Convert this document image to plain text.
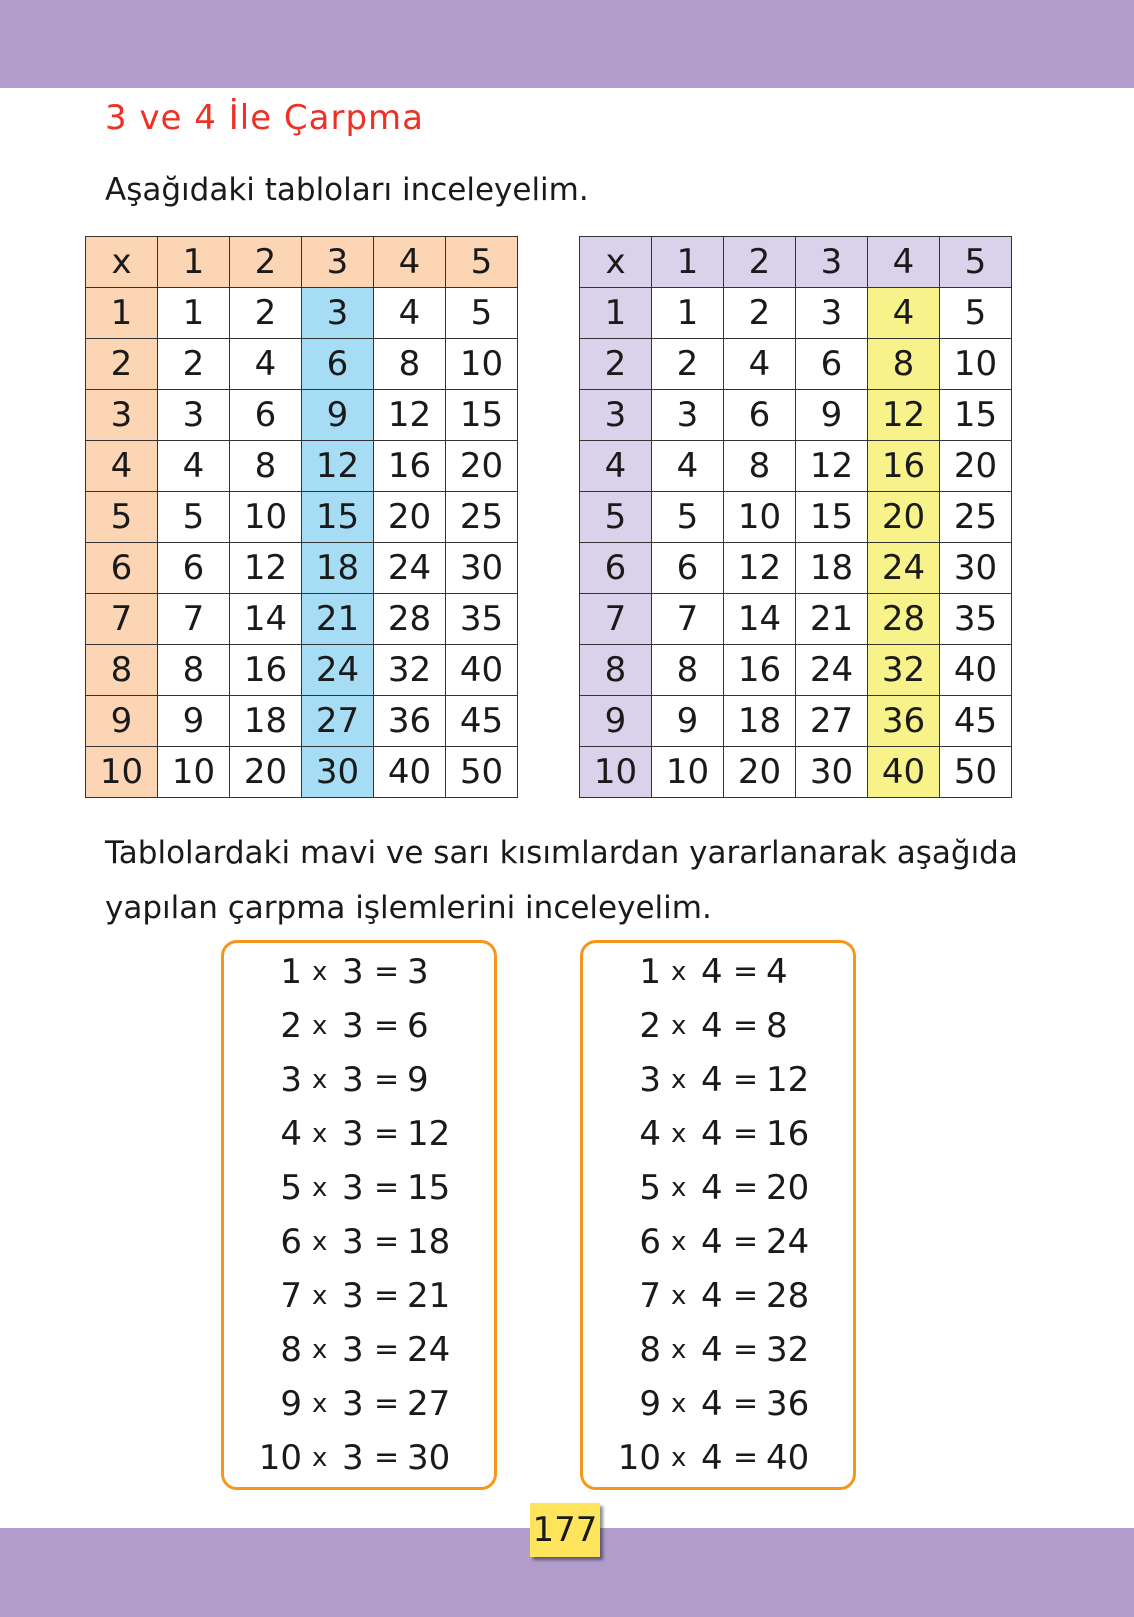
3 ve 4 İle Çarpma
Aşağıdaki tabloları inceleyelim.
x	1	2	3	4	5
1	1	2	3	4	5
2	2	4	6	8	10
3	3	6	9	12	15
4	4	8	12	16	20
5	5	10	15	20	25
6	6	12	18	24	30
7	7	14	21	28	35
8	8	16	24	32	40
9	9	18	27	36	45
10	10	20	30	40	50
x	1	2	3	4	5
1	1	2	3	4	5
2	2	4	6	8	10
3	3	6	9	12	15
4	4	8	12	16	20
5	5	10	15	20	25
6	6	12	18	24	30
7	7	14	21	28	35
8	8	16	24	32	40
9	9	18	27	36	45
10	10	20	30	40	50
Tablolardaki mavi ve sarı kısımlardan yararlanarak aşağıda yapılan çarpma işlemlerini inceleyelim.
1 x 3 = 3
2 x 3 = 6
3 x 3 = 9
4 x 3 = 12
5 x 3 = 15
6 x 3 = 18
7 x 3 = 21
8 x 3 = 24
9 x 3 = 27
10 x 3 = 30
1 x 4 = 4
2 x 4 = 8
3 x 4 = 12
4 x 4 = 16
5 x 4 = 20
6 x 4 = 24
7 x 4 = 28
8 x 4 = 32
9 x 4 = 36
10 x 4 = 40
177
